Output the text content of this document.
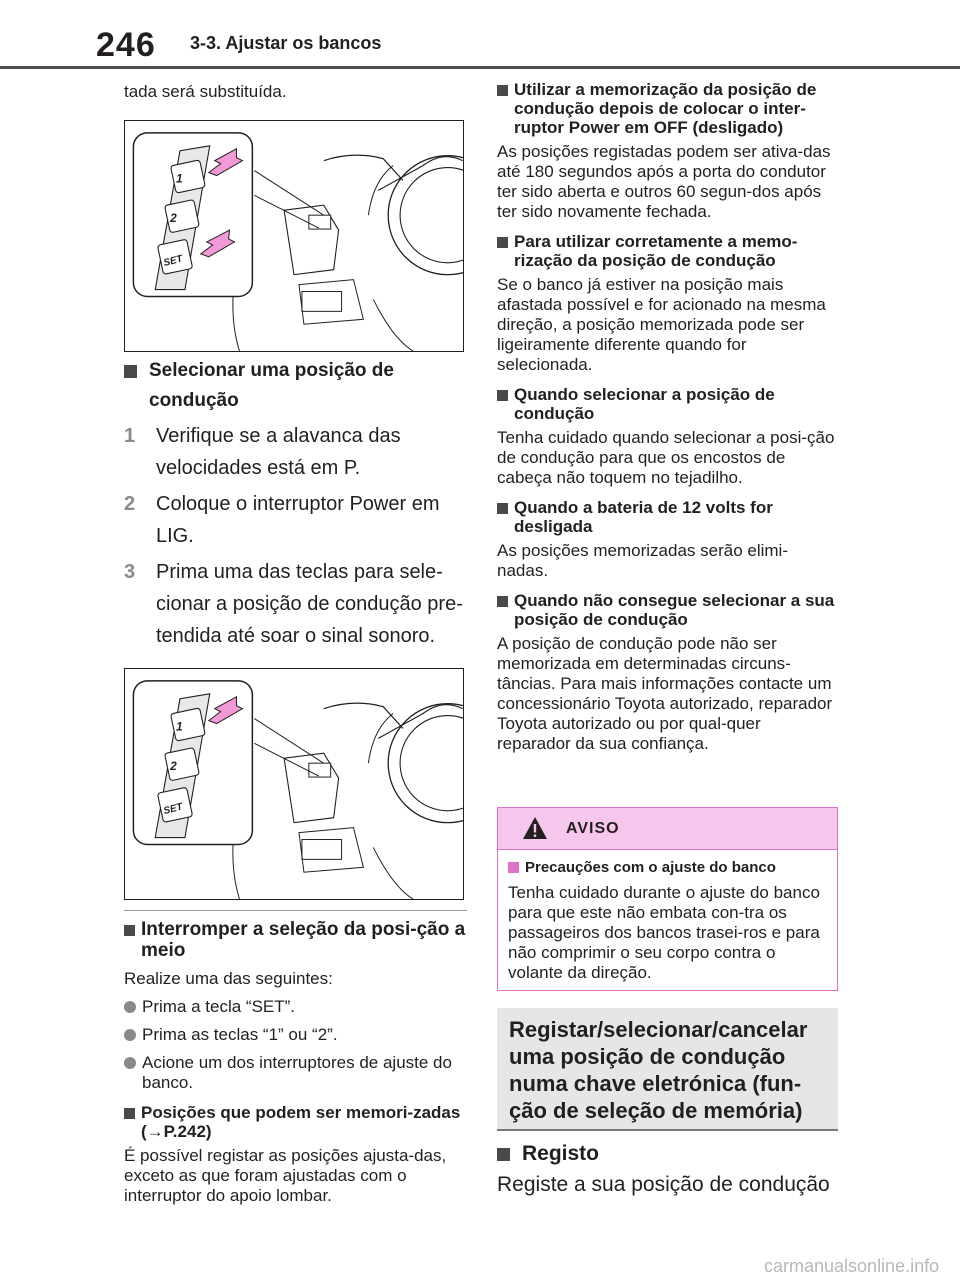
246 3-3. Ajustar os bancos

tada será substituída.

1
2
SET
Selecionar uma posição de condução
1	Verifique se a alavanca das velocidades está em P.
2	Coloque o interruptor Power em LIG.
3	Prima uma das teclas para sele-cionar a posição de condução pre-tendida até soar o sinal sonoro.
1
2
SET
Interromper a seleção da posi-ção a meio

Realize uma das seguintes:

Prima a tecla “SET”.
Prima as teclas “1” ou “2”.
Acione um dos interruptores de ajuste do banco.
Posições que podem ser memori-zadas (→P.242)

É possível registar as posições ajusta-das, exceto as que foram ajustadas com o interruptor do apoio lombar.

Utilizar a memorização da posição de condução depois de colocar o inter-ruptor Power em OFF (desligado)

As posições registadas podem ser ativa-das até 180 segundos após a porta do condutor ter sido aberta e outros 60 segun-dos após ter sido novamente fechada.

Para utilizar corretamente a memo-rização da posição de condução

Se o banco já estiver na posição mais afastada possível e for acionado na mesma direção, a posição memorizada pode ser ligeiramente diferente quando for selecionada.

Quando selecionar a posição de condução

Tenha cuidado quando selecionar a posi-ção de condução para que os encostos de cabeça não toquem no tejadilho.

Quando a bateria de 12 volts for desligada

As posições memorizadas serão elimi-nadas.

Quando não consegue selecionar a sua posição de condução

A posição de condução pode não ser memorizada em determinadas circuns-tâncias. Para mais informações contacte um concessionário Toyota autorizado, reparador Toyota autorizado ou por qual-quer reparador da sua confiança.

AVISO
Precauções com o ajuste do banco

Tenha cuidado durante o ajuste do banco para que este não embata con-tra os passageiros dos bancos trasei-ros e para não comprimir o seu corpo contra o volante da direção.

Registar/selecionar/cancelar uma posição de condução numa chave eletrónica (fun-ção de seleção de memória)
Registo
Registe a sua posição de condução
carmanualsonline.info
